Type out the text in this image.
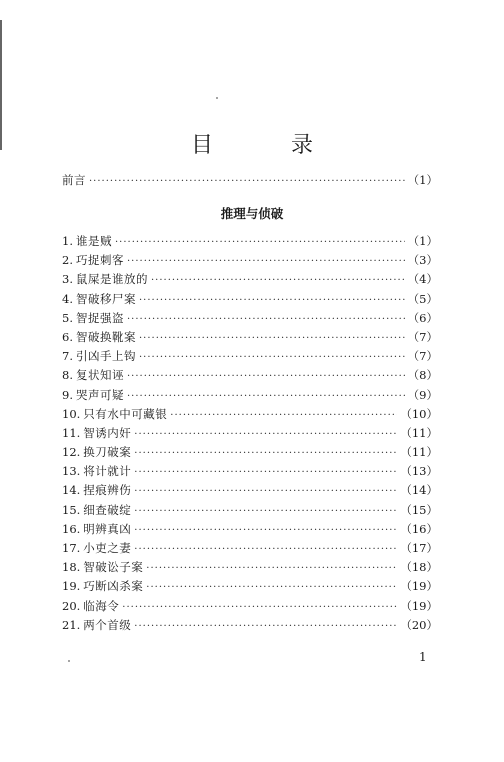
目　录
前言 ·····	（1）
推理与侦破
1. 谁是贼 ·····	（1）
2. 巧捉刺客 ·····	（3）
3. 鼠屎是谁放的 ·····	（4）
4. 智破移尸案 ·····	（5）
5. 智捉强盗 ·····	（6）
6. 智破换靴案 ·····	（7）
7. 引凶手上钩 ·····	（7）
8. 复状知诬 ·····	（8）
9. 哭声可疑 ·····	（9）
10. 只有水中可藏银 ·····	（10）
11. 智诱内奸 ·····	（11）
12. 换刀破案 ·····	（11）
13. 将计就计 ·····	（13）
14. 捏痕辨伤 ·····	（14）
15. 细查破绽 ·····	（15）
16. 明辨真凶 ·····	（16）
17. 小吏之妻 ·····	（17）
18. 智破讼子案 ·····	（18）
19. 巧断凶杀案 ·····	（19）
20. 临海令 ·····	（19）
21. 两个首级 ·····	（20）
1
